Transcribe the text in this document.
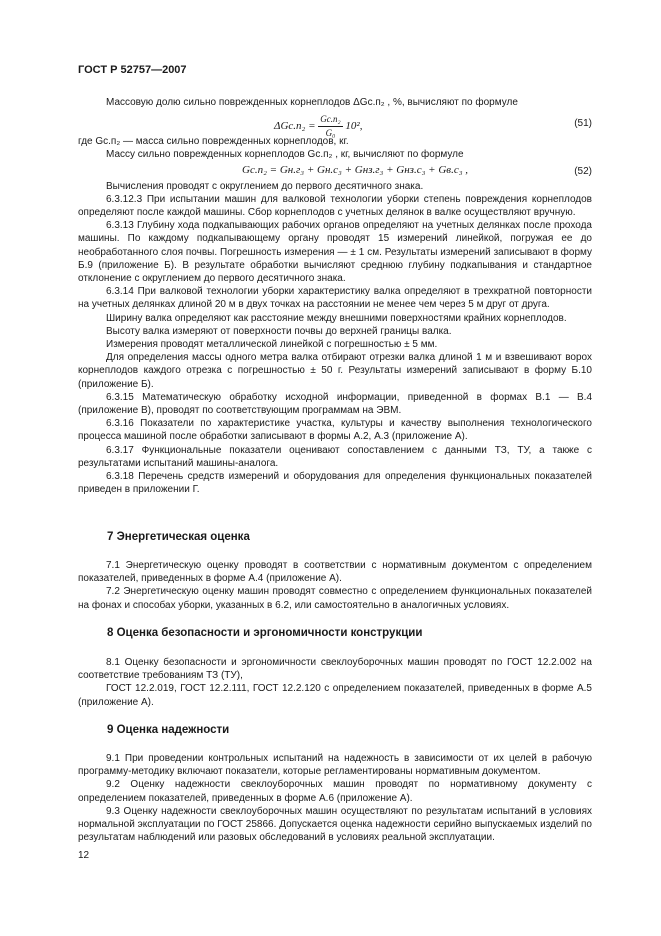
ГОСТ Р 52757—2007

Массовую долю сильно поврежденных корнеплодов ΔGс.п₂ , %, вычисляют по формуле

$\Delta Gс.п_2 = \frac{\text{Gс.п₂}}{\text{G₀}} 10^2$,	(51)

где Gс.п₂ — масса сильно поврежденных корнеплодов, кг.

Массу сильно поврежденных корнеплодов Gс.п₂ , кг, вычисляют по формуле

Gс.п₂ = Gн.г₃ + Gн.с₃ + Gнз.г₃ + Gнз.с₃ + Gв.с₃ ,	(52)

Вычисления проводят с округлением до первого десятичного знака.

6.3.12.3 При испытании машин для валковой технологии уборки степень повреждения корнеплодов определяют после каждой машины. Сбор корнеплодов с учетных делянок в валке осуществляют вручную.

6.3.13 Глубину хода подкапывающих рабочих органов определяют на учетных делянках после прохода машины. По каждому подкапывающему органу проводят 15 измерений линейкой, погружая ее до необработанного слоя почвы. Погрешность измерения — ± 1 см. Результаты измерений записывают в форму Б.9 (приложение Б). В результате обработки вычисляют среднюю глубину подкапывания и стандартное отклонение с округлением до первого десятичного знака.

6.3.14 При валковой технологии уборки характеристику валка определяют в трехкратной повторности на учетных делянках длиной 20 м в двух точках на расстоянии не менее чем через 5 м друг от друга.

Ширину валка определяют как расстояние между внешними поверхностями крайних корнеплодов.

Высоту валка измеряют от поверхности почвы до верхней границы валка.

Измерения проводят металлической линейкой с погрешностью ± 5 мм.

Для определения массы одного метра валка отбирают отрезки валка длиной 1 м и взвешивают ворох корнеплодов каждого отрезка с погрешностью ± 50 г. Результаты измерений записывают в форму Б.10 (приложение Б).

6.3.15 Математическую обработку исходной информации, приведенной в формах В.1 — В.4 (приложение В), проводят по соответствующим программам на ЭВМ.

6.3.16 Показатели по характеристике участка, культуры и качеству выполнения технологического процесса машиной после обработки записывают в формы А.2, А.3 (приложение А).

6.3.17 Функциональные показатели оценивают сопоставлением с данными ТЗ, ТУ, а также с результатами испытаний машины-аналога.

6.3.18 Перечень средств измерений и оборудования для определения функциональных показателей приведен в приложении Г.

7 Энергетическая оценка

7.1 Энергетическую оценку проводят в соответствии с нормативным документом с определением показателей, приведенных в форме А.4 (приложение А).

7.2 Энергетическую оценку машин проводят совместно с определением функциональных показателей на фонах и способах уборки, указанных в 6.2, или самостоятельно в аналогичных условиях.

8 Оценка безопасности и эргономичности конструкции

8.1 Оценку безопасности и эргономичности свеклоуборочных машин проводят по ГОСТ 12.2.002 на соответствие требованиям ТЗ (ТУ),

ГОСТ 12.2.019, ГОСТ 12.2.111, ГОСТ 12.2.120 с определением показателей, приведенных в форме А.5 (приложение А).

9 Оценка надежности

9.1 При проведении контрольных испытаний на надежность в зависимости от их целей в рабочую программу-методику включают показатели, которые регламентированы нормативным документом.

9.2 Оценку надежности свеклоуборочных машин проводят по нормативному документу с определением показателей, приведенных в форме А.6 (приложение А).

9.3 Оценку надежности свеклоуборочных машин осуществляют по результатам испытаний в условиях нормальной эксплуатации по ГОСТ 25866. Допускается оценка надежности серийно выпускаемых изделий по результатам наблюдений или разовых обследований в условиях реальной эксплуатации.

12
